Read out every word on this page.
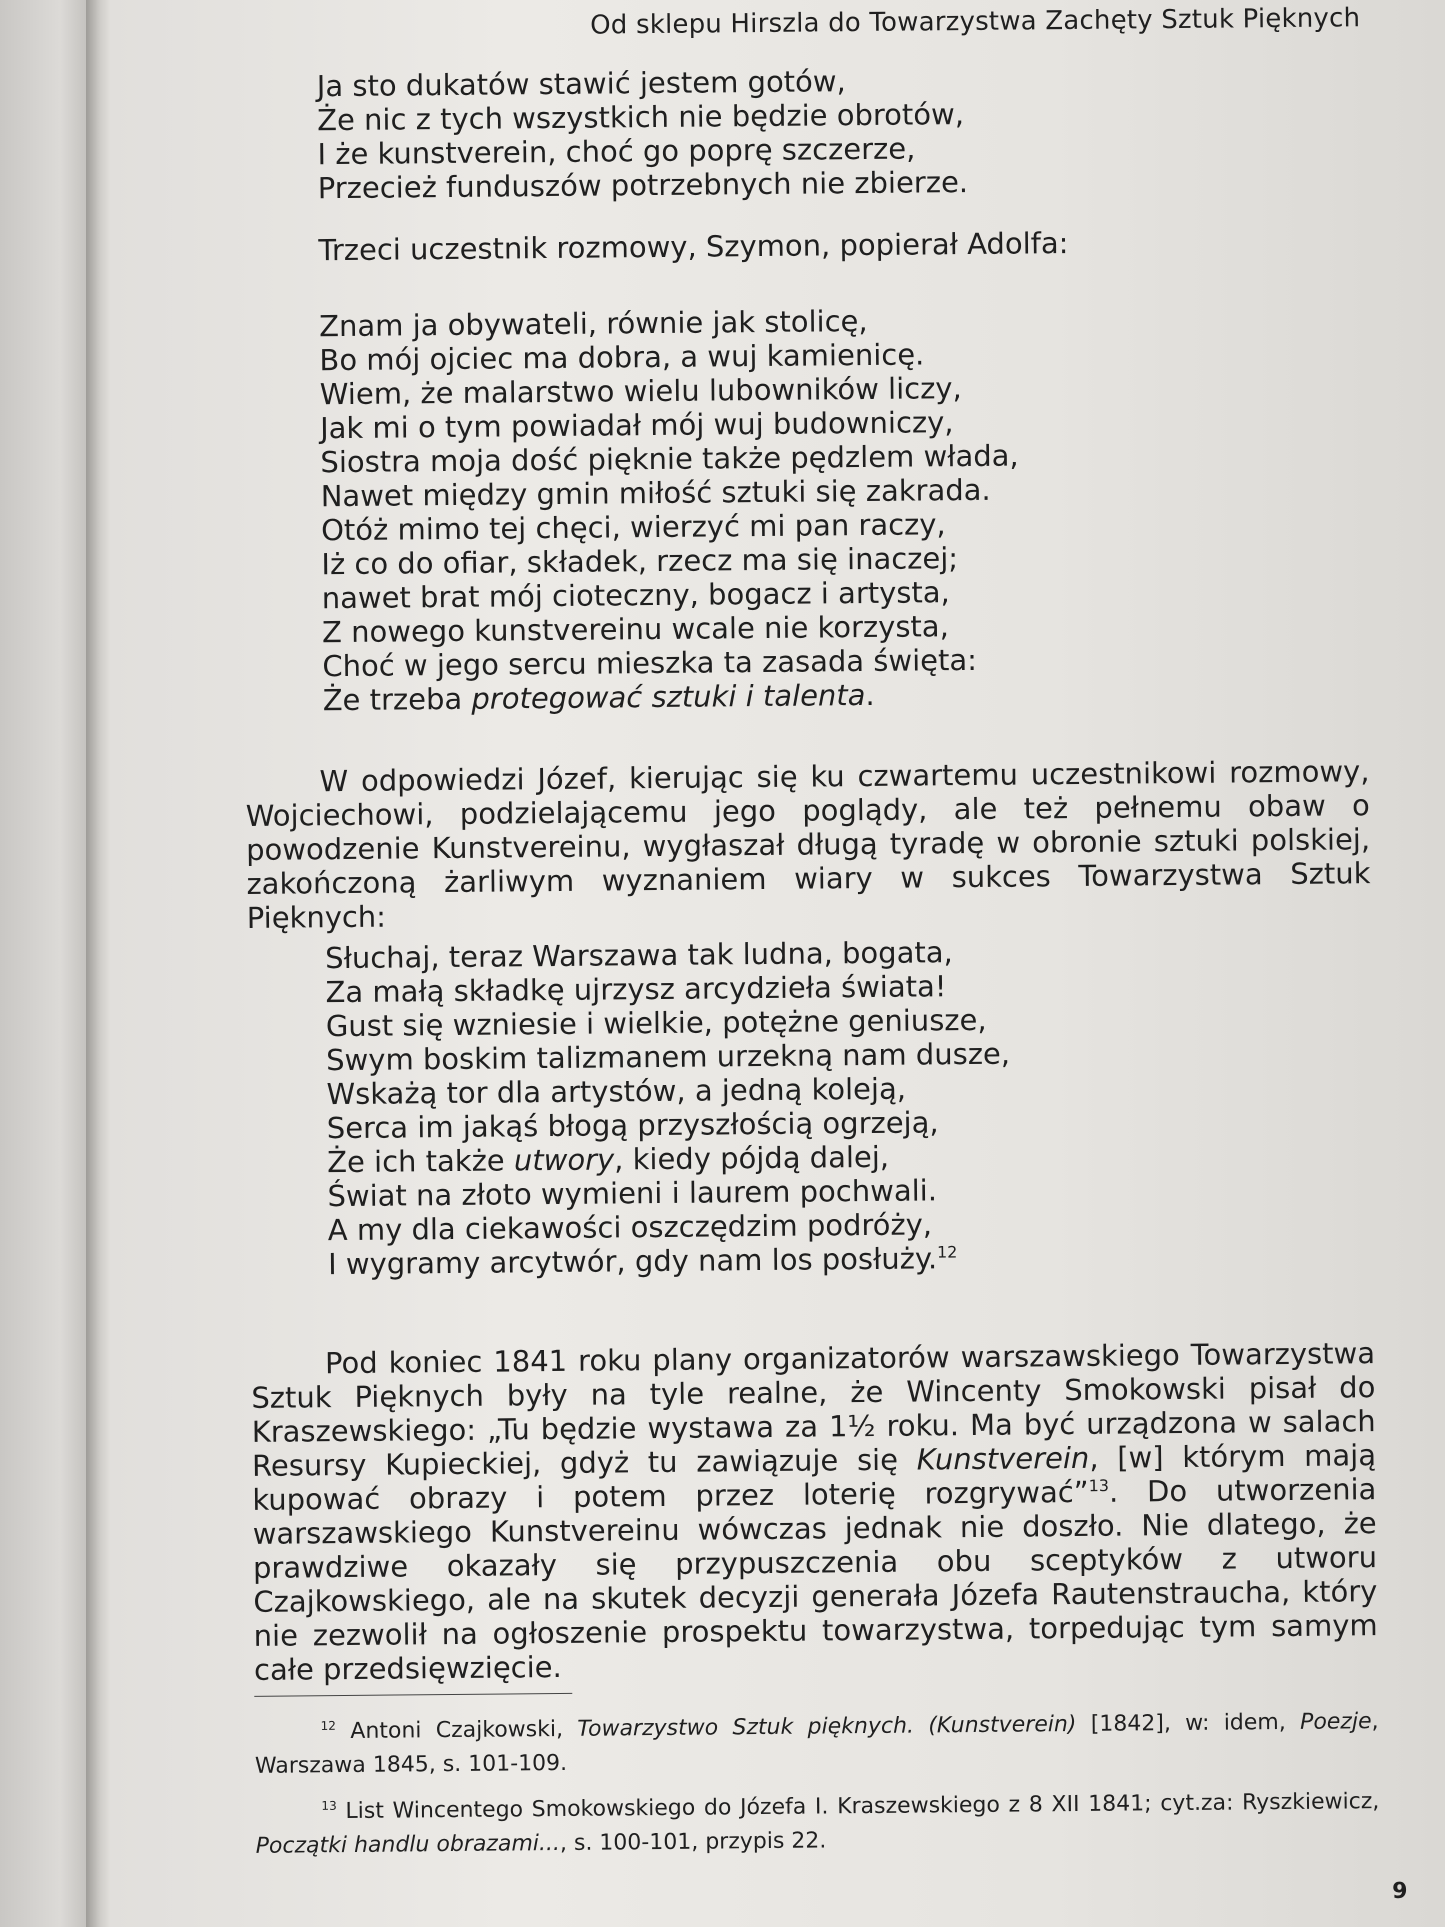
Od sklepu Hirszla do Towarzystwa Zachęty Sztuk Pięknych
Ja sto dukatów stawić jestem gotów,
Że nic z tych wszystkich nie będzie obrotów,
I że kunstverein, choć go poprę szczerze,
Przecież funduszów potrzebnych nie zbierze.
Trzeci uczestnik rozmowy, Szymon, popierał Adolfa:
Znam ja obywateli, równie jak stolicę,
Bo mój ojciec ma dobra, a wuj kamienicę.
Wiem, że malarstwo wielu lubowników liczy,
Jak mi o tym powiadał mój wuj budowniczy,
Siostra moja dość pięknie także pędzlem włada,
Nawet między gmin miłość sztuki się zakrada.
Otóż mimo tej chęci, wierzyć mi pan raczy,
Iż co do ofiar, składek, rzecz ma się inaczej;
nawet brat mój cioteczny, bogacz i artysta,
Z nowego kunstvereinu wcale nie korzysta,
Choć w jego sercu mieszka ta zasada święta:
Że trzeba protegować sztuki i talenta.
W odpowiedzi Józef, kierując się ku czwartemu uczestnikowi rozmowy, Wojciechowi, podzielającemu jego poglądy, ale też pełnemu obaw o powodzenie Kunstvereinu, wygłaszał długą tyradę w obronie sztuki polskiej, zakończoną żarliwym wyznaniem wiary w sukces Towarzystwa Sztuk Pięknych:
Słuchaj, teraz Warszawa tak ludna, bogata,
Za małą składkę ujrzysz arcydzieła świata!
Gust się wzniesie i wielkie, potężne geniusze,
Swym boskim talizmanem urzekną nam dusze,
Wskażą tor dla artystów, a jedną koleją,
Serca im jakąś błogą przyszłością ogrzeją,
Że ich także utwory, kiedy pójdą dalej,
Świat na złoto wymieni i laurem pochwali.
A my dla ciekawości oszczędzim podróży,
I wygramy arcytwór, gdy nam los posłuży.$^{12}$
Pod koniec 1841 roku plany organizatorów warszawskiego Towarzystwa Sztuk Pięknych były na tyle realne, że Wincenty Smokowski pisał do Kraszewskiego: „Tu będzie wystawa za 1½ roku. Ma być urządzona w salach Resursy Kupieckiej, gdyż tu zawiązuje się Kunstverein, [w] którym mają kupować obrazy i potem przez loterię rozgrywać”$^{13}$. Do utworzenia warszawskiego Kunstvereinu wówczas jednak nie doszło. Nie dlatego, że prawdziwe okazały się przypuszczenia obu sceptyków z utworu Czajkowskiego, ale na skutek decyzji generała Józefa Rautenstraucha, który nie zezwolił na ogłoszenie prospektu towarzystwa, torpedując tym samym całe przedsięwzięcie.
$^{12}$ Antoni Czajkowski, Towarzystwo Sztuk pięknych. (Kunstverein) [1842], w: idem, Poezje, Warszawa 1845, s. 101-109.
$^{13}$ List Wincentego Smokowskiego do Józefa I. Kraszewskiego z 8 XII 1841; cyt.za: Ryszkiewicz, Początki handlu obrazami..., s. 100-101, przypis 22.
9
